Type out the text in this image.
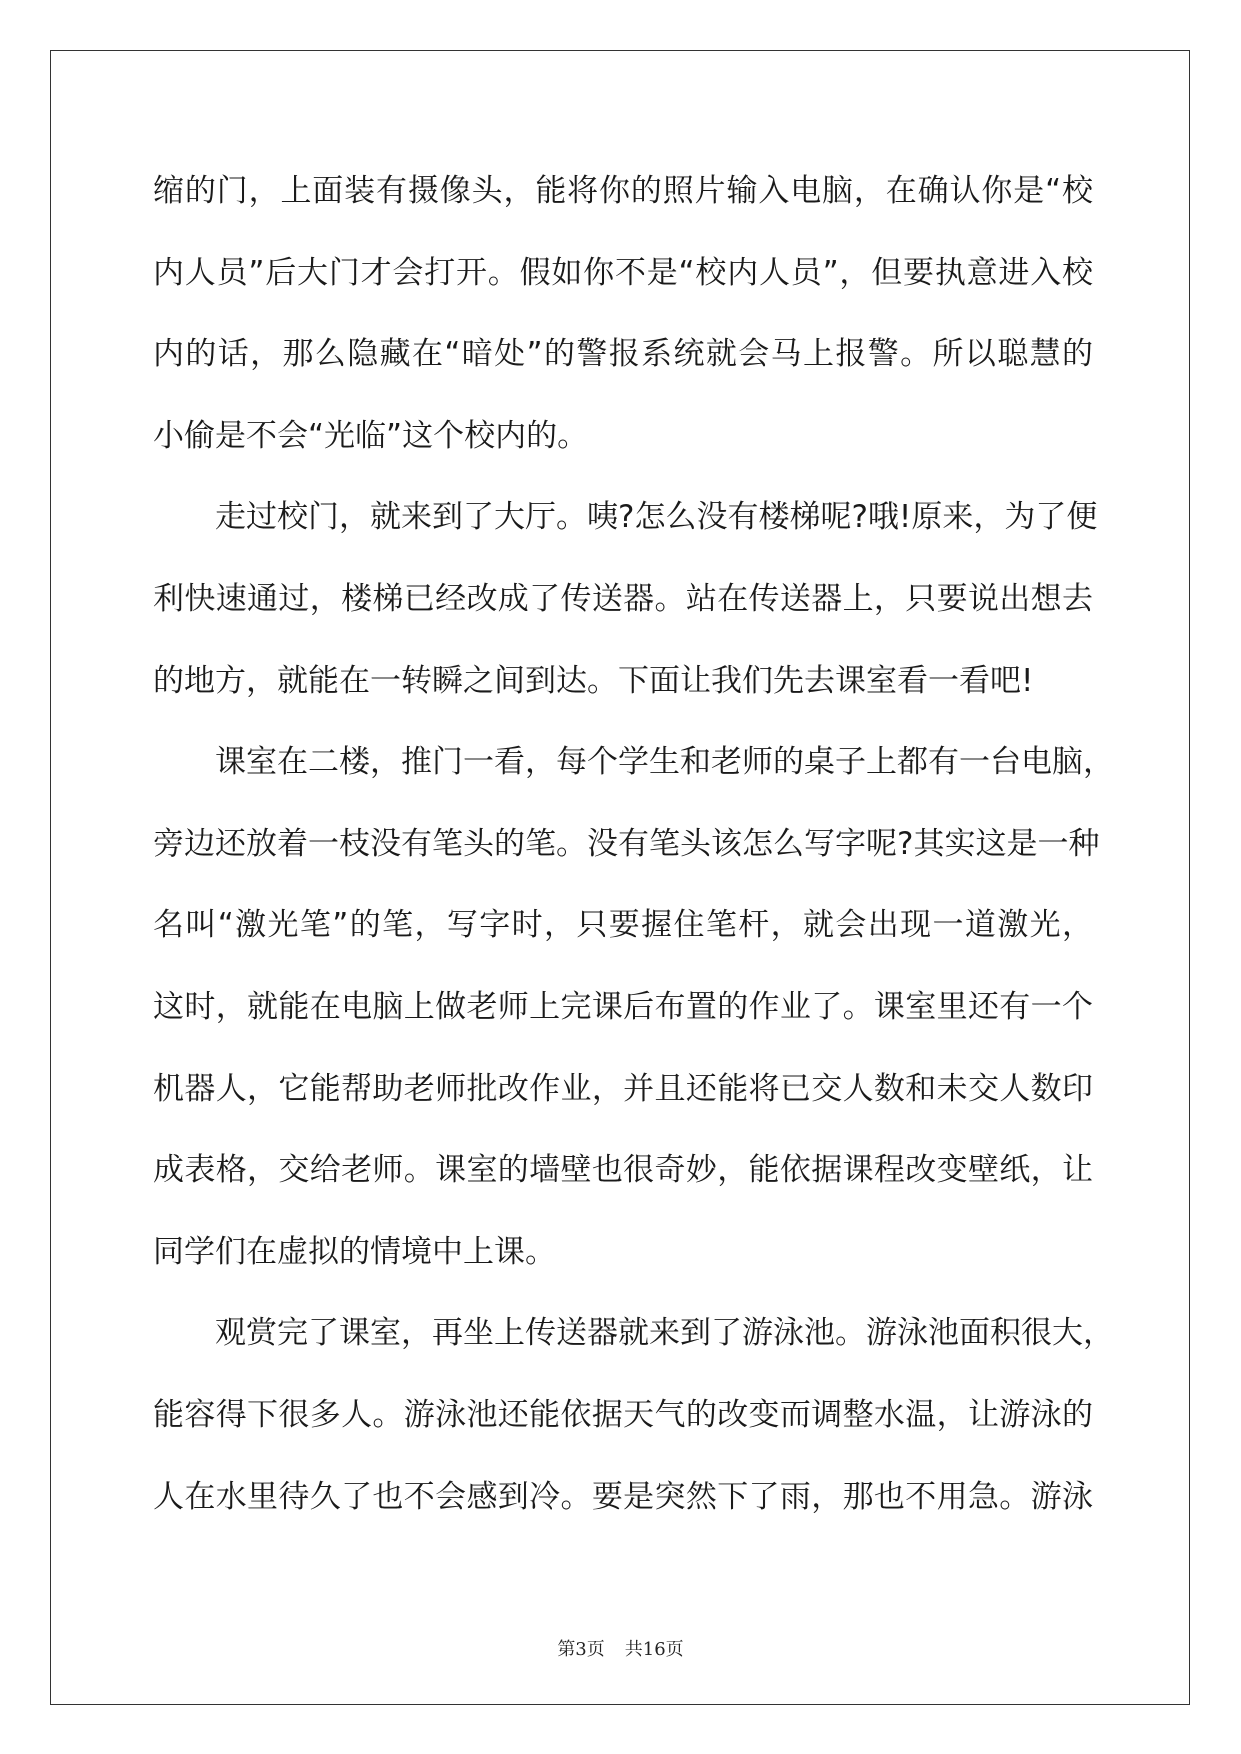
缩的门，上面装有摄像头，能将你的照片输入电脑，在确认你是“校
内人员”后大门才会打开。假如你不是“校内人员”，但要执意进入校
内的话，那么隐藏在“暗处”的警报系统就会马上报警。所以聪慧的
小偷是不会“光临”这个校内的。
走过校门，就来到了大厅。咦?怎么没有楼梯呢?哦!原来，为了便
利快速通过，楼梯已经改成了传送器。站在传送器上，只要说出想去
的地方，就能在一转瞬之间到达。下面让我们先去课室看一看吧!
课室在二楼，推门一看，每个学生和老师的桌子上都有一台电脑，
旁边还放着一枝没有笔头的笔。没有笔头该怎么写字呢?其实这是一种
名叫“激光笔”的笔，写字时，只要握住笔杆，就会出现一道激光，
这时，就能在电脑上做老师上完课后布置的作业了。课室里还有一个
机器人，它能帮助老师批改作业，并且还能将已交人数和未交人数印
成表格，交给老师。课室的墙壁也很奇妙，能依据课程改变壁纸，让
同学们在虚拟的情境中上课。
观赏完了课室，再坐上传送器就来到了游泳池。游泳池面积很大，
能容得下很多人。游泳池还能依据天气的改变而调整水温，让游泳的
人在水里待久了也不会感到冷。要是突然下了雨，那也不用急。游泳
第3页 共16页
